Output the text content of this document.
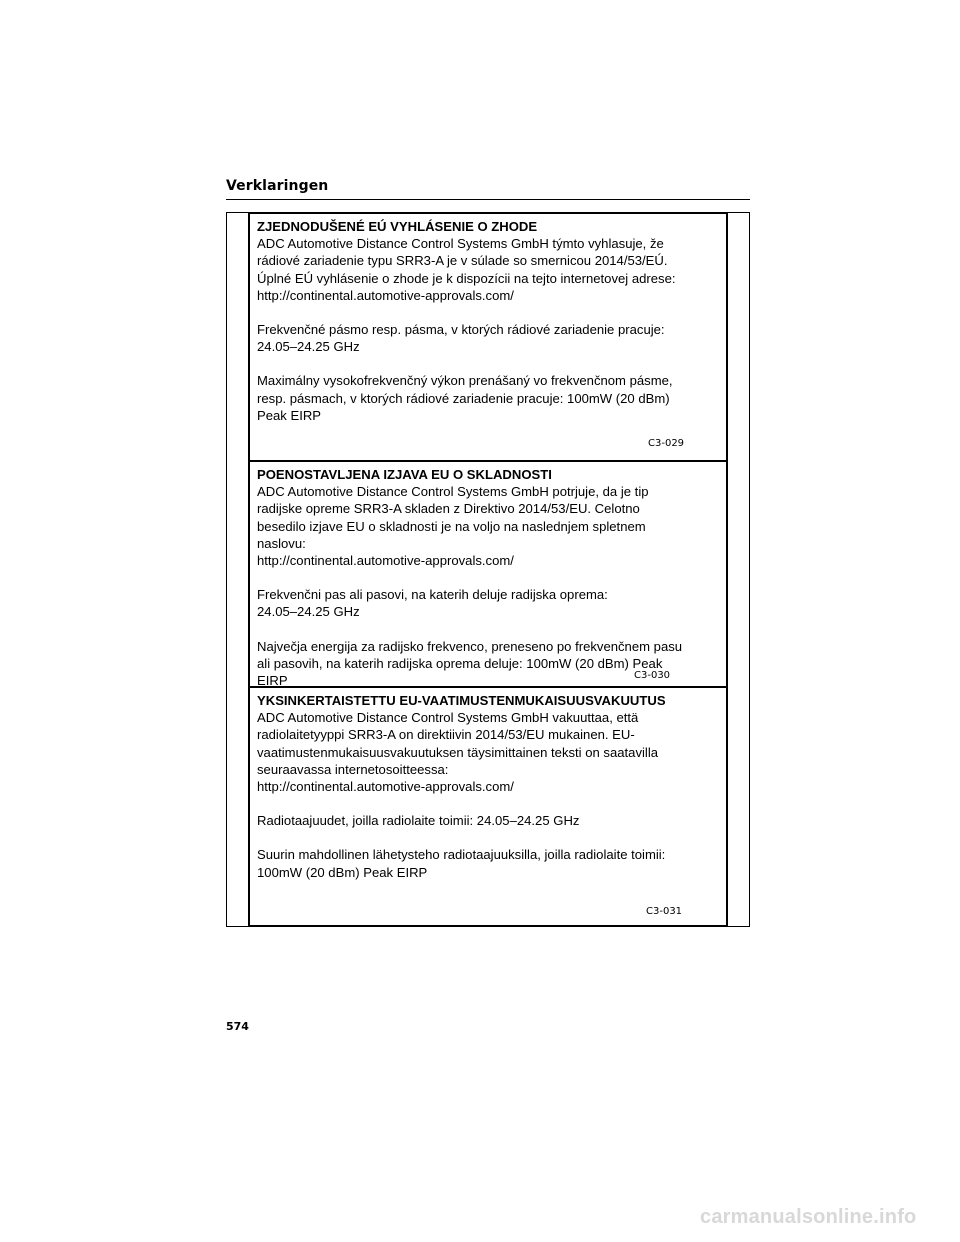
Verklaringen

ZJEDNODUŠENÉ EÚ VYHLÁSENIE O ZHODE

ADC Automotive Distance Control Systems GmbH týmto vyhlasuje, že

rádiové zariadenie typu SRR3-A je v súlade so smernicou 2014/53/EÚ.

Úplné EÚ vyhlásenie o zhode je k dispozícii na tejto internetovej adrese:

http://continental.automotive-approvals.com/

Frekvenčné pásmo resp. pásma, v ktorých rádiové zariadenie pracuje:

24.05–24.25 GHz

Maximálny vysokofrekvenčný výkon prenášaný vo frekvenčnom pásme,

resp. pásmach, v ktorých rádiové zariadenie pracuje: 100mW (20 dBm)

Peak EIRP

C3-029

POENOSTAVLJENA IZJAVA EU O SKLADNOSTI

ADC Automotive Distance Control Systems GmbH potrjuje, da je tip

radijske opreme SRR3-A skladen z Direktivo 2014/53/EU. Celotno

besedilo izjave EU o skladnosti je na voljo na naslednjem spletnem

naslovu:

http://continental.automotive-approvals.com/

Frekvenčni pas ali pasovi, na katerih deluje radijska oprema:

24.05–24.25 GHz

Največja energija za radijsko frekvenco, preneseno po frekvenčnem pasu

ali pasovih, na katerih radijska oprema deluje: 100mW (20 dBm) Peak

EIRP	C3-030

YKSINKERTAISTETTU EU-VAATIMUSTENMUKAISUUSVAKUUTUS

ADC Automotive Distance Control Systems GmbH vakuuttaa, että

radiolaitetyyppi SRR3-A on direktiivin 2014/53/EU mukainen. EU-

vaatimustenmukaisuusvakuutuksen täysimittainen teksti on saatavilla

seuraavassa internetosoitteessa:

http://continental.automotive-approvals.com/

Radiotaajuudet, joilla radiolaite toimii: 24.05–24.25 GHz

Suurin mahdollinen lähetysteho radiotaajuuksilla, joilla radiolaite toimii:

100mW (20 dBm) Peak EIRP

C3-031
574
carmanualsonline.info
